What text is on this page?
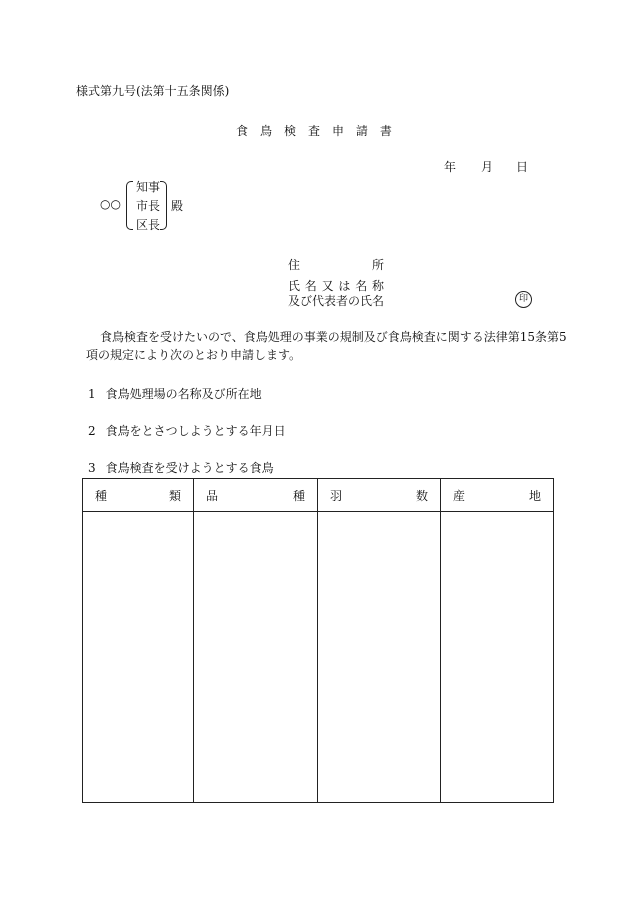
様式第九号(法第十五条関係)
食 鳥 検 査 申 請 書
年 月 日
○○
知事
市長
区長
殿
住	所
氏 名 又 は 名 称
及び代表者の氏名	印
食鳥検査を受けたいので、食鳥処理の事業の規制及び食鳥検査に関する法律第15条第5
項の規定により次のとおり申請します。
1 食鳥処理場の名称及び所在地
2 食鳥をとさつしようとする年月日
3 食鳥検査を受けようとする食鳥
種 類	品 種	羽 数	産 地
